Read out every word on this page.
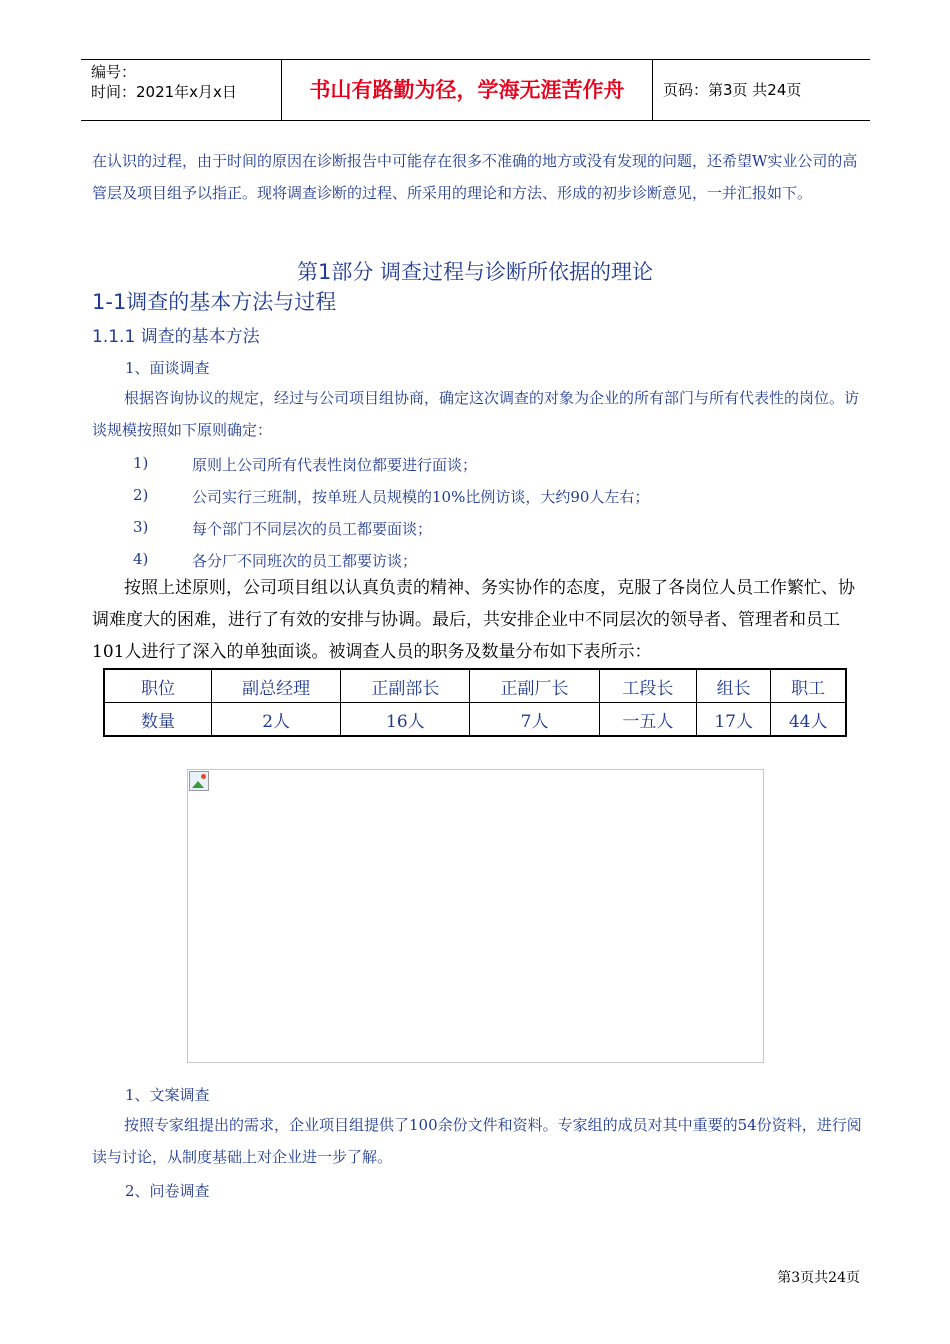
编号：
时间：2021年x月x日	书山有路勤为径，学海无涯苦作舟	页码：第3页 共24页
在认识的过程，由于时间的原因在诊断报告中可能存在很多不准确的地方或没有发现的问题，还希望W实业公司的高管层及项目组予以指正。现将调查诊断的过程、所采用的理论和方法、形成的初步诊断意见，一并汇报如下。
第1部分 调查过程与诊断所依据的理论
1-1调查的基本方法与过程
1.1.1 调查的基本方法
1、面谈调查
根据咨询协议的规定，经过与公司项目组协商，确定这次调查的对象为企业的所有部门与所有代表性的岗位。访谈规模按照如下原则确定：
1)	原则上公司所有代表性岗位都要进行面谈；
2)	公司实行三班制，按单班人员规模的10%比例访谈，大约90人左右；
3)	每个部门不同层次的员工都要面谈；
4)	各分厂不同班次的员工都要访谈；
按照上述原则，公司项目组以认真负责的精神、务实协作的态度，克服了各岗位人员工作繁忙、协调难度大的困难，进行了有效的安排与协调。最后，共安排企业中不同层次的领导者、管理者和员工101人进行了深入的单独面谈。被调查人员的职务及数量分布如下表所示：
职位	副总经理	正副部长	正副厂长	工段长	组长	职工
数量	2人	16人	7人	一五人	17人	44人
1、文案调查
按照专家组提出的需求，企业项目组提供了100余份文件和资料。专家组的成员对其中重要的54份资料，进行阅读与讨论，从制度基础上对企业进一步了解。
2、问卷调查
第3页共24页
